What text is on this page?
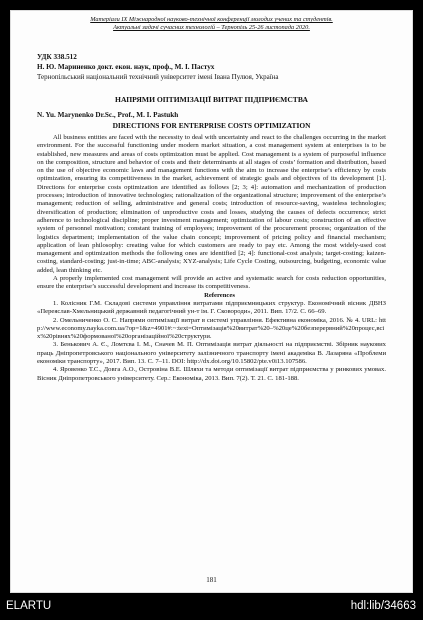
Матеріали ІХ Міжнародної науково-технічної конференції молодих учених та студентів.
Актуальні задачі сучасних технологій – Тернопіль 25-26 листопада 2020.
УДК 338.512
Н. Ю. Мариненко докт. екон. наук, проф., М. І. Пастух
Тернопільський національний технічний університет імені Івана Пулюя, Україна
НАПРЯМИ ОПТИМІЗАЦІЇ ВИТРАТ ПІДПРИЄМСТВА
N. Yu. Marynenko Dr.Sc., Prof., M. I. Pastukh
DIRECTIONS FOR ENTERPRISE COSTS OPTIMIZATION

All business entities are faced with the necessity to deal with uncertainty and react to the challenges occurring in the market environment. For the successful functioning under modern market situation, a cost management system at enterprises is to be established, new measures and areas of costs optimization must be applied. Cost management is a system of purposeful influence on the composition, structure and behavior of costs and their determinants at all stages of costs’ formation and distribution, based on the use of objective economic laws and management functions with the aim to increase the enterprise’s efficiency by costs optimization, ensuring its competitiveness in the market, achievement of strategic goals and objectives of its development [1]. Directions for enterprise costs optimization are identified as follows [2; 3; 4]: automation and mechanization of production processes; introduction of innovative technologies; rationalization of the organizational structure; improvement of the enterprise’s management; reduction of selling, administrative and general costs; introduction of resource-saving, wasteless technologies; diversification of production; elimination of unproductive costs and losses, studying the causes of defects occurrence; strict adherence to technological discipline; proper investment management; optimization of labour costs; construction of an effective system of personnel motivation; constant training of employees; improvement of the procurement process; organization of the logistics department; implementation of the value chain concept; improvement of pricing policy and financial mechanism; application of lean philosophy: creating value for which customers are ready to pay etc. Among the most widely-used cost management and optimization methods the following ones are identified [2; 4]: functional-cost analysis; target-costing; kaizen-costing, standard-costing; just-in-time; ABC-analysis; XYZ-analysis; Life Cycle Costing, outsourcing, budgeting, economic value added, lean thinking etc.

A properly implemented cost management will provide an active and systematic search for costs reduction opportunities, ensure the enterprise’s successful development and increase its competitiveness.

References

1. Колісник Г.М. Складові системи управління витратами підприємницьких структур. Економічний вісник ДВНЗ «Переяслав-Хмельницький державний педагогічний ун-т ім. Г. Сковороди», 2011. Вип. 17/2. С. 66–69.

2. Омельниченко О. С. Напрями оптимізації витрат в системі управління. Ефективна економіка, 2016. № 4. URL: http://www.economy.nayka.com.ua/?op=1&z=4901#:~:text=Оптимізація%20витрат%20–%20це%20безперервний%20процес,всіх%20рівнях%20формованої%20організаційної%20структури.

3. Бенькович А. Є., Ломтєва І. М., Сначев М. П. Оптимізація витрат діяльності на підприємстві. Збірник наукових праць Дніпропетровського національного університету залізничного транспорту імені академіка В. Лазаряна «Проблеми економіки транспорту», 2017. Вип. 13. С. 7–11. DOI: http://dx.doi.org/10.15802/pte.v0i13.107586.

4. Яровенко Т.С., Довга А.О., Островіна В.Е. Шляхи та методи оптимізації витрат підприємства у ринкових умовах. Вісник Дніпропетровського університету. Сер.: Економіка, 2013. Вип. 7(2). Т. 21. С. 181-188.

181
ELARTU	hdl:lib/34663
